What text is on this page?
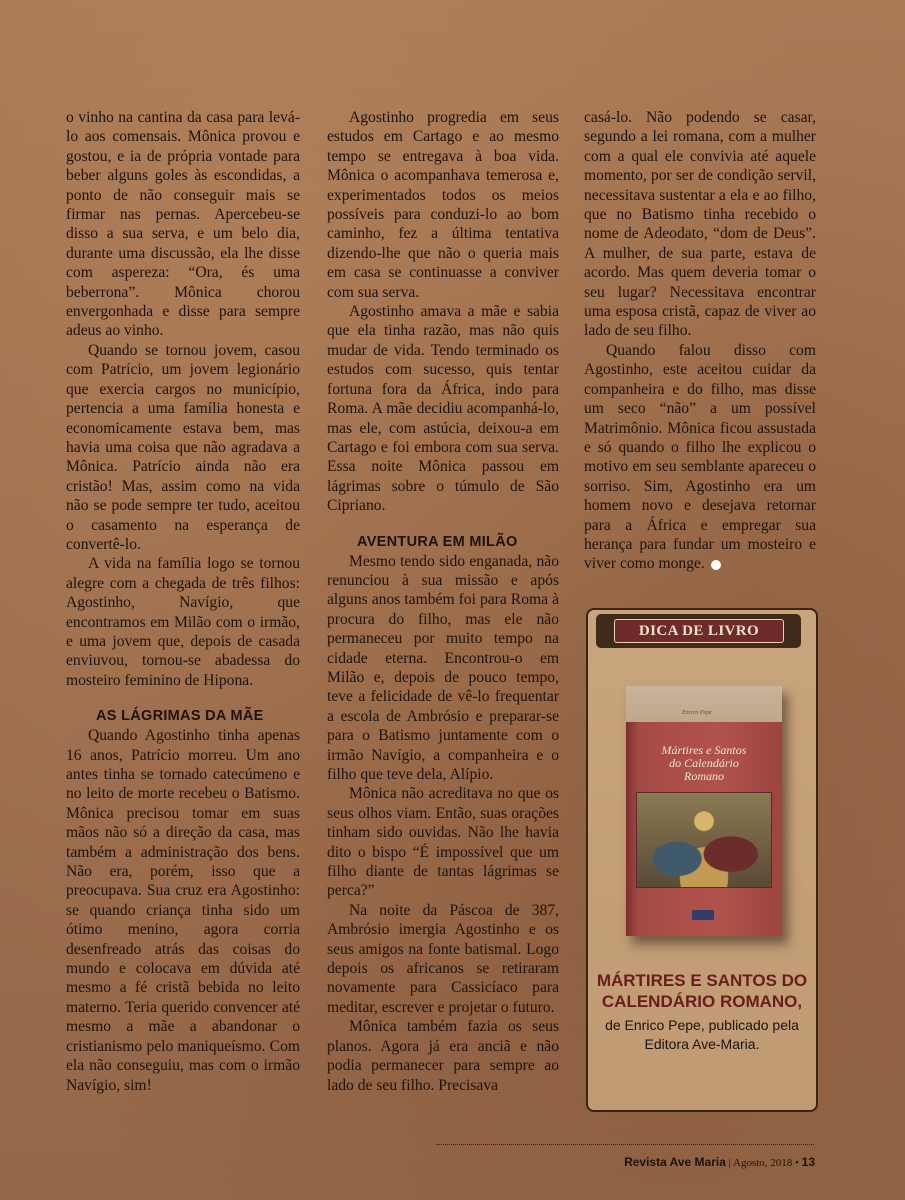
o vinho na cantina da casa para levá-lo aos comensais. Mônica provou e gostou, e ia de própria vontade para beber alguns goles às escondidas, a ponto de não conseguir mais se firmar nas pernas. Apercebeu-se disso a sua serva, e um belo dia, durante uma discussão, ela lhe disse com aspereza: “Ora, és uma beberrona”. Mônica chorou envergonhada e disse para sempre adeus ao vinho.

Quando se tornou jovem, casou com Patrício, um jovem legionário que exercia cargos no município, pertencia a uma família honesta e economicamente estava bem, mas havia uma coisa que não agradava a Mônica. Patrício ainda não era cristão! Mas, assim como na vida não se pode sempre ter tudo, aceitou o casamento na esperança de convertê-lo.

A vida na família logo se tornou alegre com a chegada de três filhos: Agostinho, Navígio, que encontramos em Milão com o irmão, e uma jovem que, depois de casada enviuvou, tornou-se abadessa do mosteiro feminino de Hipona.

AS LÁGRIMAS DA MÃE

Quando Agostinho tinha apenas 16 anos, Patrício morreu. Um ano antes tinha se tornado catecúmeno e no leito de morte recebeu o Batismo. Mônica precisou tomar em suas mãos não só a direção da casa, mas também a administração dos bens. Não era, porém, isso que a preocupava. Sua cruz era Agostinho: se quando criança tinha sido um ótimo menino, agora corria desenfreado atrás das coisas do mundo e colocava em dúvida até mesmo a fé cristã bebida no leito materno. Teria querido convencer até mesmo a mãe a abandonar o cristianismo pelo maniqueísmo. Com ela não conseguiu, mas com o irmão Navígio, sim!

Agostinho progredia em seus estudos em Cartago e ao mesmo tempo se entregava à boa vida. Mônica o acompanhava temerosa e, experimentados todos os meios possíveis para conduzi-lo ao bom caminho, fez a última tentativa dizendo-lhe que não o queria mais em casa se continuasse a conviver com sua serva.

Agostinho amava a mãe e sabia que ela tinha razão, mas não quis mudar de vida. Tendo terminado os estudos com sucesso, quis tentar fortuna fora da África, indo para Roma. A mãe decidiu acompanhá-lo, mas ele, com astúcia, deixou-a em Cartago e foi embora com sua serva. Essa noite Mônica passou em lágrimas sobre o túmulo de São Cipriano.

AVENTURA EM MILÃO

Mesmo tendo sido enganada, não renunciou à sua missão e após alguns anos também foi para Roma à procura do filho, mas ele não permaneceu por muito tempo na cidade eterna. Encontrou-o em Milão e, depois de pouco tempo, teve a felicidade de vê-lo frequentar a escola de Ambrósio e preparar-se para o Batismo juntamente com o irmão Navígio, a companheira e o filho que teve dela, Alípio.

Mônica não acreditava no que os seus olhos viam. Então, suas orações tinham sido ouvidas. Não lhe havia dito o bispo “É impossível que um filho diante de tantas lágrimas se perca?”

Na noite da Páscoa de 387, Ambrósio imergia Agostinho e os seus amigos na fonte batismal. Logo depois os africanos se retiraram novamente para Cassicíaco para meditar, escrever e projetar o futuro.

Mônica também fazia os seus planos. Agora já era anciã e não podia permanecer para sempre ao lado de seu filho. Precisava

casá-lo. Não podendo se casar, segundo a lei romana, com a mulher com a qual ele convivia até aquele momento, por ser de condição servil, necessitava sustentar a ela e ao filho, que no Batismo tinha recebido o nome de Adeodato, “dom de Deus”. A mulher, de sua parte, estava de acordo. Mas quem deveria tomar o seu lugar? Necessitava encontrar uma esposa cristã, capaz de viver ao lado de seu filho.

Quando falou disso com Agostinho, este aceitou cuidar da companheira e do filho, mas disse um seco “não” a um possível Matrimônio. Mônica ficou assustada e só quando o filho lhe explicou o motivo em seu semblante apareceu o sorriso. Sim, Agostinho era um homem novo e desejava retornar para a África e empregar sua herança para fundar um mosteiro e viver como monge.

DICA DE LIVRO
Enrico Pepe
Mártires e Santos
do Calendário
Romano
MÁRTIRES E SANTOS DO CALENDÁRIO ROMANO,
de Enrico Pepe, publicado pela Editora Ave-Maria.
Revista Ave Maria | Agosto, 2018 • 13
